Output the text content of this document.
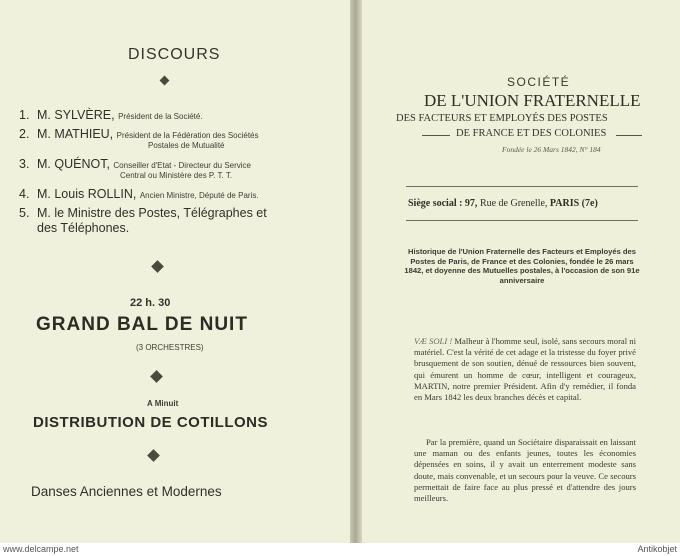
DISCOURS
1. M. SYLVÈRE, Président de la Société.
2. M. MATHIEU, Président de la Fédération des Sociétés
Postales de Mutualité
3. M. QUÉNOT, Conseiller d'Etat - Directeur du Service
Central ou Ministère des P. T. T.
4. M. Louis ROLLIN, Ancien Ministre, Député de Paris.
5. M. le Ministre des Postes, Télégraphes et
des Téléphones.
22 h. 30
GRAND BAL DE NUIT
(3 ORCHESTRES)
A Minuit
DISTRIBUTION DE COTILLONS
Danses Anciennes et Modernes
SOCIÉTÉ
DE L'UNION FRATERNELLE
DES FACTEURS ET EMPLOYÉS DES POSTES
DE FRANCE ET DES COLONIES
Fondée le 26 Mars 1842, N° 184
Siège social : 97, Rue de Grenelle, PARIS (7e)
Historique de l'Union Fraternelle des Facteurs et Employés des Postes de Paris, de France et des Colonies, fondée le 26 mars 1842, et doyenne des Mutuelles postales, à l'occasion de son 91e anniversaire
VÆ SOLI ! Malheur à l'homme seul, isolé, sans secours moral ni matériel. C'est la vérité de cet adage et la tristesse du foyer privé brusquement de son soutien, dénué de ressources bien souvent, qui émurent un homme de cœur, intelligent et courageux, MARTIN, notre premier Président. Afin d'y remédier, il fonda en Mars 1842 les deux branches décès et capital.
Par la première, quand un Sociétaire disparaissait en laissant une maman ou des enfants jeunes, toutes les économies dépensées en soins, il y avait un enterrement modeste sans doute, mais convenable, et un secours pour la veuve. Ce secours permettait de faire face au plus pressé et d'attendre des jours meilleurs.
www.delcampe.net	Antikobjet
